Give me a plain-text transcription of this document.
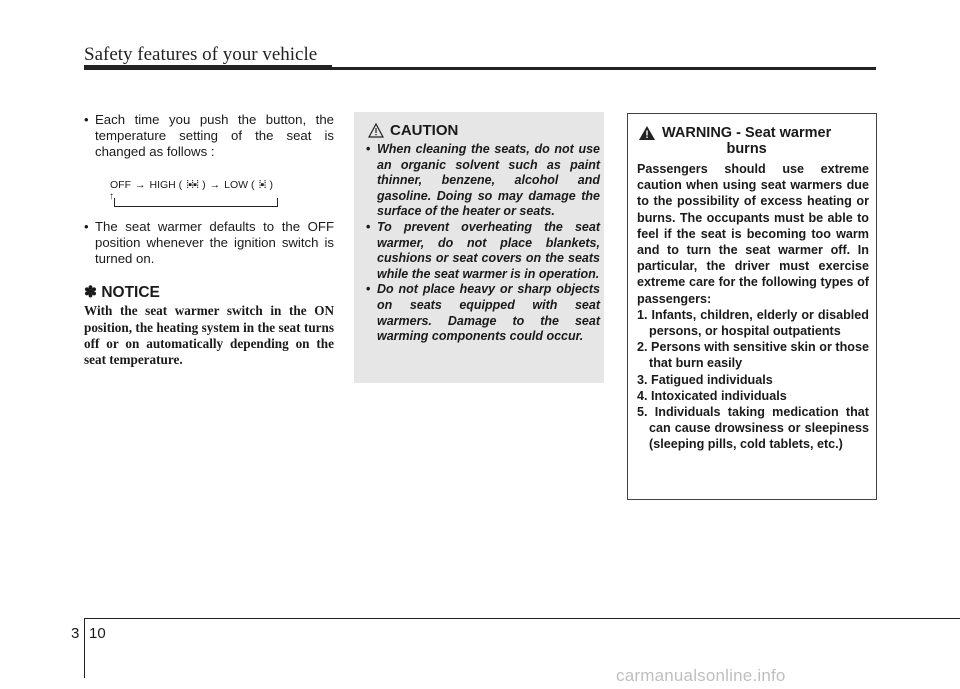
Safety features of your vehicle
• Each time you push the button, the temperature setting of the seat is changed as follows :
OFF → HIGH ( ⁞▪⁞▪⁞ ) → LOW ( ⁞▪⁞ )
↑
• The seat warmer defaults to the OFF position whenever the ignition switch is turned on.
✽ NOTICE
With the seat warmer switch in the ON position, the heating system in the seat turns off or on automatically depending on the seat temperature.
CAUTION
• When cleaning the seats, do not use an organic solvent such as paint thinner, benzene, alcohol and gasoline. Doing so may damage the surface of the heater or seats.
• To prevent overheating the seat warmer, do not place blankets, cushions or seat covers on the seats while the seat warmer is in operation.
• Do not place heavy or sharp objects on seats equipped with seat warmers. Damage to the seat warming components could occur.
WARNING - Seat warmer
burns
Passengers should use extreme caution when using seat warmers due to the possibility of excess heating or burns. The occupants must be able to feel if the seat is becoming too warm and to turn the seat warmer off. In particular, the driver must exercise extreme care for the following types of passengers:
1. Infants, children, elderly or disabled persons, or hospital outpatients
2. Persons with sensitive skin or those that burn easily
3. Fatigued individuals
4. Intoxicated individuals
5. Individuals taking medication that can cause drowsiness or sleepiness (sleeping pills, cold tablets, etc.)
3 10
carmanualsonline.info
